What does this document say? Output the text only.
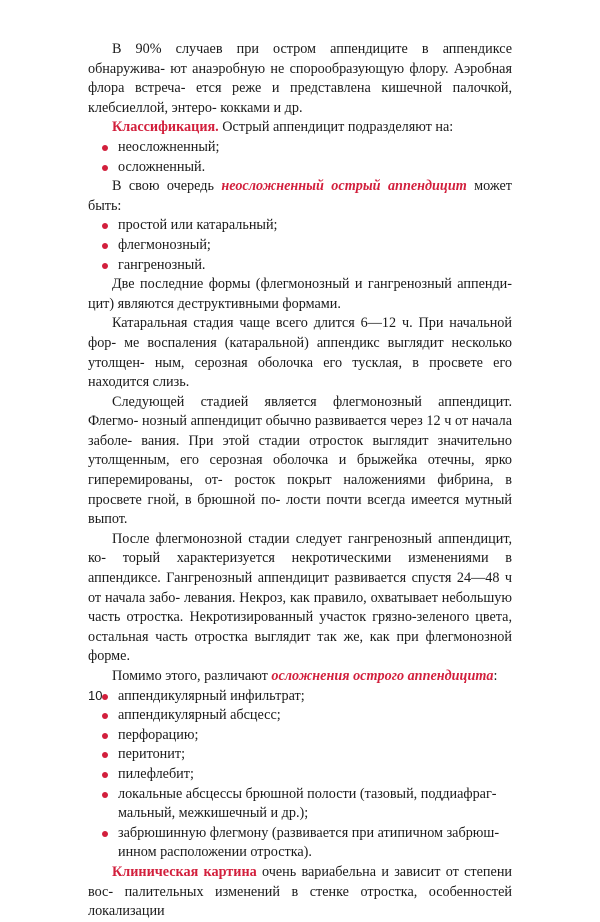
В 90% случаев при остром аппендиците в аппендиксе обнаружива- ют анаэробную не спорообразующую флору. Аэробная флора встреча- ется реже и представлена кишечной палочкой, клебсиеллой, энтеро- кокками и др.

Классификация. Острый аппендицит подразделяют на:

неосложненный;
осложненный.

В свою очередь неосложненный острый аппендицит может быть:

простой или катаральный;
флегмонозный;
гангренозный.

Две последние формы (флегмонозный и гангренозный аппенди- цит) являются деструктивными формами.

Катаральная стадия чаще всего длится 6—12 ч. При начальной фор- ме воспаления (катаральной) аппендикс выглядит несколько утолщен- ным, серозная оболочка его тусклая, в просвете его находится слизь.

Следующей стадией является флегмонозный аппендицит. Флегмо- нозный аппендицит обычно развивается через 12 ч от начала заболе- вания. При этой стадии отросток выглядит значительно утолщенным, его серозная оболочка и брыжейка отечны, ярко гиперемированы, от- росток покрыт наложениями фибрина, в просвете гной, в брюшной по- лости почти всегда имеется мутный выпот.

После флегмонозной стадии следует гангренозный аппендицит, ко- торый характеризуется некротическими изменениями в аппендиксе. Гангренозный аппендицит развивается спустя 24—48 ч от начала забо- левания. Некроз, как правило, охватывает небольшую часть отростка. Некротизированный участок грязно-зеленого цвета, остальная часть отростка выглядит так же, как при флегмонозной форме.

Помимо этого, различают осложнения острого аппендицита:

аппендикулярный инфильтрат;
аппендикулярный абсцесс;
перфорацию;
перитонит;
пилефлебит;
локальные абсцессы брюшной полости (тазовый, поддиафраг- мальный, межкишечный и др.);
забрюшинную флегмону (развивается при атипичном забрюш- инном расположении отростка).

Клиническая картина очень вариабельна и зависит от степени вос- палительных изменений в стенке отростка, особенностей локализации

10
